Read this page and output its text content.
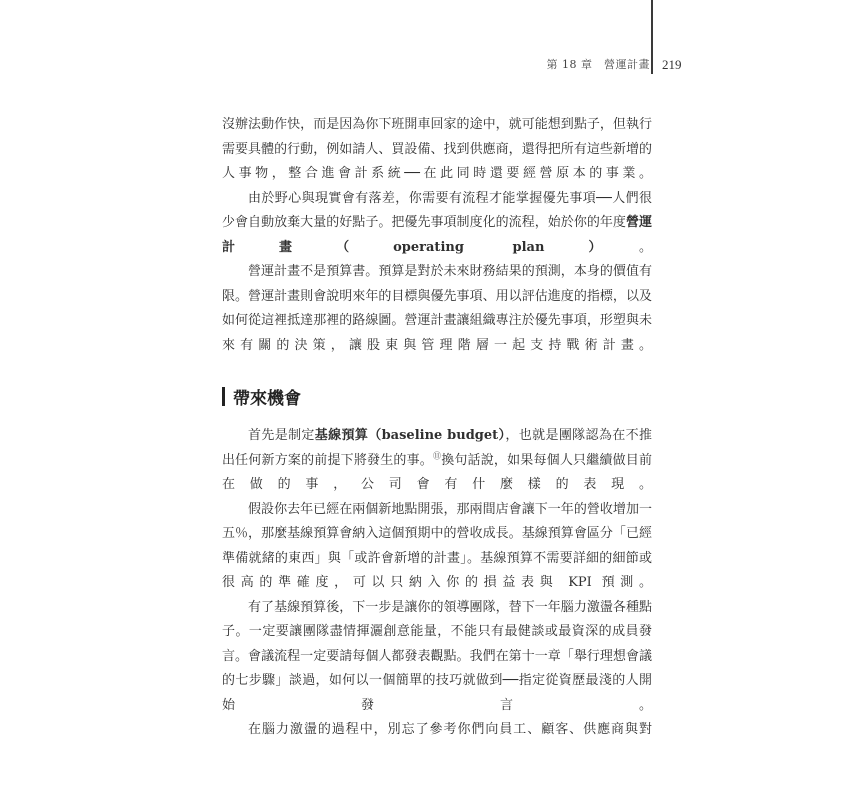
第 18 章　營運計畫 219

沒辦法動作快，而是因為你下班開車回家的途中，就可能想到點子，但執行需要具體的行動，例如請人、買設備、找到供應商，還得把所有這些新增的人事物，整合進會計系統──在此同時還要經營原本的事業。

由於野心與現實會有落差，你需要有流程才能掌握優先事項──人們很少會自動放棄大量的好點子。把優先事項制度化的流程，始於你的年度營運計畫（operating plan）。

營運計畫不是預算書。預算是對於未來財務結果的預測，本身的價值有限。營運計畫則會說明來年的目標與優先事項、用以評估進度的指標，以及如何從這裡抵達那裡的路線圖。營運計畫讓組織專注於優先事項，形塑與未來有關的決策，讓股東與管理階層一起支持戰術計畫。

帶來機會

首先是制定基線預算（baseline budget），也就是團隊認為在不推出任何新方案的前提下將發生的事。⑪換句話說，如果每個人只繼續做目前在做的事，公司會有什麼樣的表現。

假設你去年已經在兩個新地點開張，那兩間店會讓下一年的營收增加一五％，那麼基線預算會納入這個預期中的營收成長。基線預算會區分「已經準備就緒的東西」與「或許會新增的計畫」。基線預算不需要詳細的細節或很高的準確度，可以只納入你的損益表與 KPI 預測。

有了基線預算後，下一步是讓你的領導團隊，替下一年腦力激盪各種點子。一定要讓團隊盡情揮灑創意能量，不能只有最健談或最資深的成員發言。會議流程一定要請每個人都發表觀點。我們在第十一章「舉行理想會議的七步驟」談過，如何以一個簡單的技巧就做到──指定從資歷最淺的人開始發言。

在腦力激盪的過程中，別忘了參考你們向員工、顧客、供應商與對
